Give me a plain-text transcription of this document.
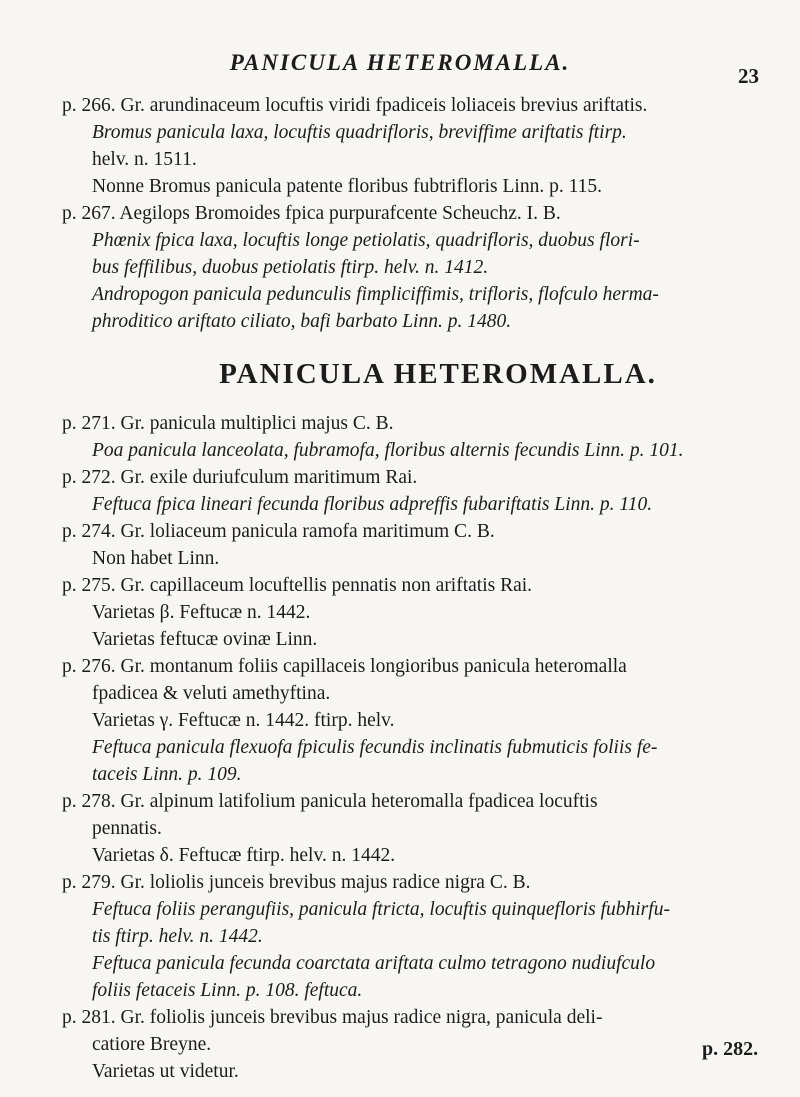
PANICULA HETEROMALLA.
23
p. 266. Gr. arundinaceum locuftis viridi fpadiceis loliaceis brevius ariftatis.
Bromus panicula laxa, locuftis quadrifloris, breviffime ariftatis ftirp.
helv. n. 1511.
Nonne Bromus panicula patente floribus fubtrifloris Linn. p. 115.
p. 267. Aegilops Bromoides fpica purpurafcente Scheuchz. I. B.
Phœnix fpica laxa, locuftis longe petiolatis, quadrifloris, duobus flori-
bus feffilibus, duobus petiolatis ftirp. helv. n. 1412.
Andropogon panicula pedunculis fimpliciffimis, trifloris, flofculo herma-
phroditico ariftato ciliato, bafi barbato Linn. p. 1480.
PANICULA HETEROMALLA.
p. 271. Gr. panicula multiplici majus C. B.
Poa panicula lanceolata, fubramofa, floribus alternis fecundis Linn. p. 101.
p. 272. Gr. exile duriufculum maritimum Rai.
Feftuca fpica lineari fecunda floribus adpreffis fubariftatis Linn. p. 110.
p. 274. Gr. loliaceum panicula ramofa maritimum C. B.
Non habet Linn.
p. 275. Gr. capillaceum locuftellis pennatis non ariftatis Rai.
Varietas β. Feftucæ n. 1442.
Varietas feftucæ ovinæ Linn.
p. 276. Gr. montanum foliis capillaceis longioribus panicula heteromalla
fpadicea & veluti amethyftina.
Varietas γ. Feftucæ n. 1442. ftirp. helv.
Feftuca panicula flexuofa fpiculis fecundis inclinatis fubmuticis foliis fe-
taceis Linn. p. 109.
p. 278. Gr. alpinum latifolium panicula heteromalla fpadicea locuftis
pennatis.
Varietas δ. Feftucæ ftirp. helv. n. 1442.
p. 279. Gr. loliolis junceis brevibus majus radice nigra C. B.
Feftuca foliis perangufiis, panicula ftricta, locuftis quinquefloris fubhirfu-
tis ftirp. helv. n. 1442.
Feftuca panicula fecunda coarctata ariftata culmo tetragono nudiufculo
foliis fetaceis Linn. p. 108. feftuca.
p. 281. Gr. foliolis junceis brevibus majus radice nigra, panicula deli-
catiore Breyne.
Varietas ut videtur.
p. 282.
